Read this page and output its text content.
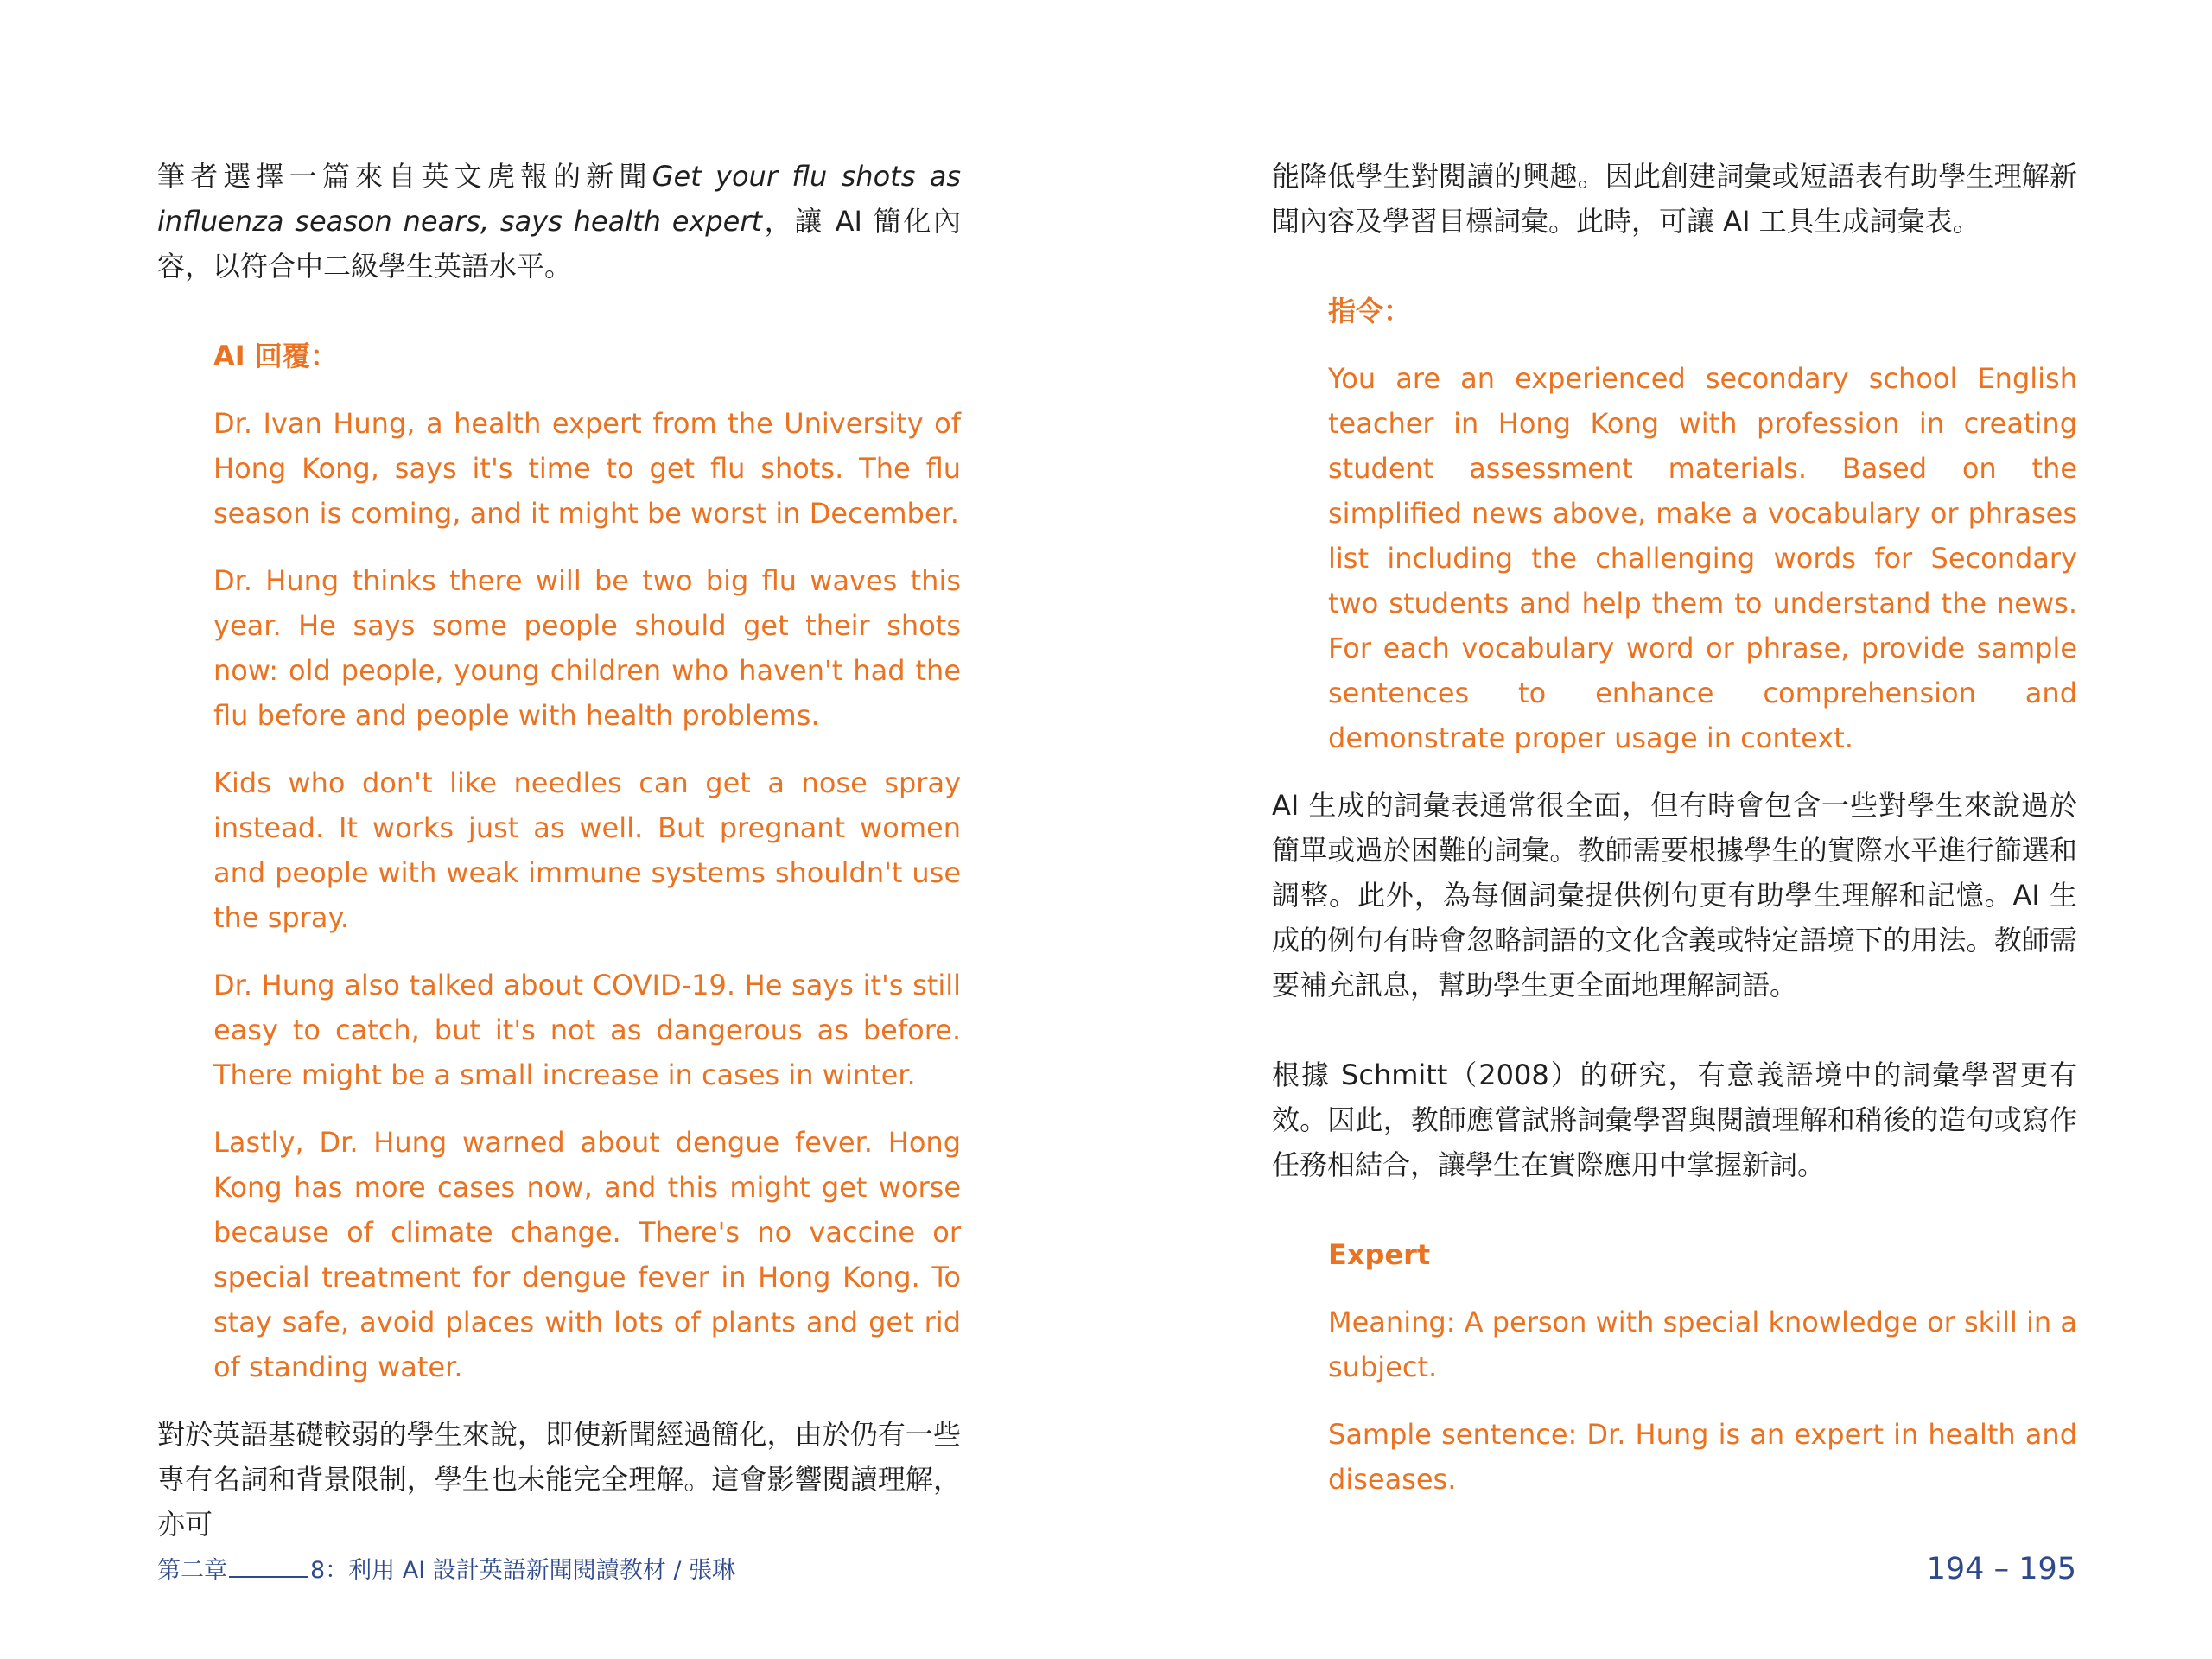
筆者選擇一篇來自英文虎報的新聞Get your flu shots as influenza season nears, says health expert，讓 AI 簡化內容，以符合中二級學生英語水平。

AI 回覆：

Dr. Ivan Hung, a health expert from the University of Hong Kong, says it's time to get flu shots. The flu season is coming, and it might be worst in December.

Dr. Hung thinks there will be two big flu waves this year. He says some people should get their shots now: old people, young children who haven't had the flu before and people with health problems.

Kids who don't like needles can get a nose spray instead. It works just as well. But pregnant women and people with weak immune systems shouldn't use the spray.

Dr. Hung also talked about COVID-19. He says it's still easy to catch, but it's not as dangerous as before. There might be a small increase in cases in winter.

Lastly, Dr. Hung warned about dengue fever. Hong Kong has more cases now, and this might get worse because of climate change. There's no vaccine or special treatment for dengue fever in Hong Kong. To stay safe, avoid places with lots of plants and get rid of standing water.

對於英語基礎較弱的學生來說，即使新聞經過簡化，由於仍有一些專有名詞和背景限制，學生也未能完全理解。這會影響閱讀理解，亦可

能降低學生對閱讀的興趣。因此創建詞彙或短語表有助學生理解新聞內容及學習目標詞彙。此時，可讓 AI 工具生成詞彙表。

指令：

You are an experienced secondary school English teacher in Hong Kong with profession in creating student assessment materials. Based on the simplified news above, make a vocabulary or phrases list including the challenging words for Secondary two students and help them to understand the news. For each vocabulary word or phrase, provide sample sentences to enhance comprehension and demonstrate proper usage in context.

AI 生成的詞彙表通常很全面，但有時會包含一些對學生來說過於簡單或過於困難的詞彙。教師需要根據學生的實際水平進行篩選和調整。此外，為每個詞彙提供例句更有助學生理解和記憶。AI 生成的例句有時會忽略詞語的文化含義或特定語境下的用法。教師需要補充訊息，幫助學生更全面地理解詞語。

根據 Schmitt（2008）的研究，有意義語境中的詞彙學習更有效。因此，教師應嘗試將詞彙學習與閱讀理解和稍後的造句或寫作任務相結合，讓學生在實際應用中掌握新詞。

Expert

Meaning: A person with special knowledge or skill in a subject.

Sample sentence: Dr. Hung is an expert in health and diseases.

第二章	8：利用 AI 設計英語新聞閱讀教材 / 張琳	194 – 195
